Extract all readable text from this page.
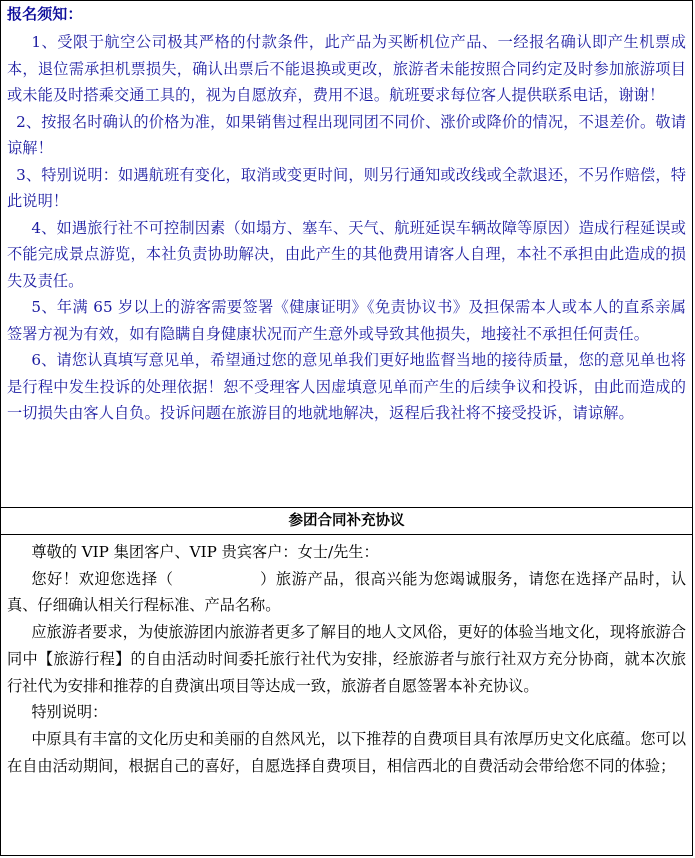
报名须知：

1、受限于航空公司极其严格的付款条件，此产品为买断机位产品、一经报名确认即产生机票成本，退位需承担机票损失，确认出票后不能退换或更改，旅游者未能按照合同约定及时参加旅游项目或未能及时搭乘交通工具的，视为自愿放弃，费用不退。航班要求每位客人提供联系电话，谢谢！

2、按报名时确认的价格为准，如果销售过程出现同团不同价、涨价或降价的情况，不退差价。敬请谅解！

3、特别说明：如遇航班有变化，取消或变更时间，则另行通知或改线或全款退还，不另作赔偿，特此说明！

4、如遇旅行社不可控制因素（如塌方、塞车、天气、航班延误车辆故障等原因）造成行程延误或不能完成景点游览，本社负责协助解决，由此产生的其他费用请客人自理，本社不承担由此造成的损失及责任。

5、年满 65 岁以上的游客需要签署《健康证明》《免责协议书》及担保需本人或本人的直系亲属签署方视为有效，如有隐瞒自身健康状况而产生意外或导致其他损失，地接社不承担任何责任。

6、请您认真填写意见单，希望通过您的意见单我们更好地监督当地的接待质量，您的意见单也将是行程中发生投诉的处理依据！恕不受理客人因虚填意见单而产生的后续争议和投诉，由此而造成的一切损失由客人自负。投诉问题在旅游目的地就地解决，返程后我社将不接受投诉，请谅解。

参团合同补充协议

尊敬的 VIP 集团客户、VIP 贵宾客户：女士/先生：

您好！欢迎您选择（	）旅游产品，很高兴能为您竭诚服务，请您在选择产品时，认真、仔细确认相关行程标准、产品名称。

应旅游者要求，为使旅游团内旅游者更多了解目的地人文风俗，更好的体验当地文化，现将旅游合同中【旅游行程】的自由活动时间委托旅行社代为安排，经旅游者与旅行社双方充分协商，就本次旅行社代为安排和推荐的自费演出项目等达成一致，旅游者自愿签署本补充协议。

特别说明：

中原具有丰富的文化历史和美丽的自然风光，以下推荐的自费项目具有浓厚历史文化底蕴。您可以在自由活动期间，根据自己的喜好，自愿选择自费项目，相信西北的自费活动会带给您不同的体验；
